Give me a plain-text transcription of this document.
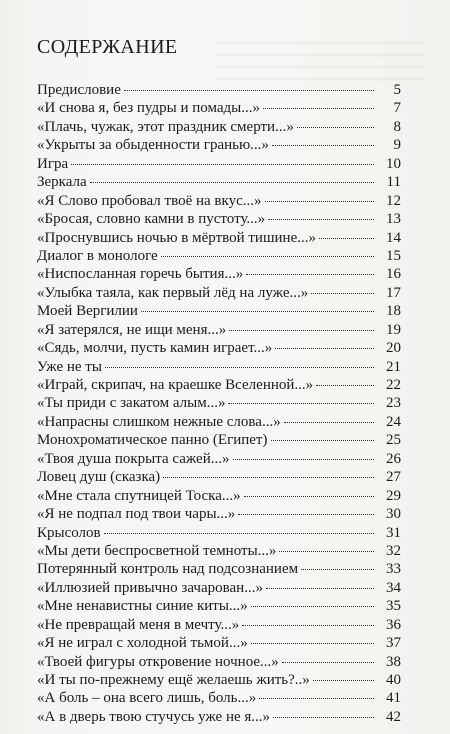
СОДЕРЖАНИЕ
Предисловие	5
«И снова я, без пудры и помады...»	7
«Плачь, чужак, этот праздник смерти...»	8
«Укрыты за обыденности гранью...»	9
Игра	10
Зеркала	11
«Я Слово пробовал твоё на вкус...»	12
«Бросая, словно камни в пустоту...»	13
«Проснувшись ночью в мёртвой тишине...»	14
Диалог в монологе	15
«Ниспосланная горечь бытия...»	16
«Улыбка таяла, как первый лёд на луже...»	17
Моей Вергилии	18
«Я затерялся, не ищи меня...»	19
«Сядь, молчи, пусть камин играет...»	20
Уже не ты	21
«Играй, скрипач, на краешке Вселенной...»	22
«Ты приди с закатом алым...»	23
«Напрасны слишком нежные слова...»	24
Монохроматическое панно (Египет)	25
«Твоя душа покрыта сажей...»	26
Ловец душ (сказка)	27
«Мне стала спутницей Тоска...»	29
«Я не подпал под твои чары...»	30
Крысолов	31
«Мы дети беспросветной темноты...»	32
Потерянный контроль над подсознанием	33
«Иллюзией привычно зачарован...»	34
«Мне ненавистны синие киты...»	35
«Не превращай меня в мечту...»	36
«Я не играл с холодной тьмой...»	37
«Твоей фигуры откровение ночное...»	38
«И ты по-прежнему ещё желаешь жить?..»	40
«А боль – она всего лишь, боль...»	41
«А в дверь твою стучусь уже не я...»	42
